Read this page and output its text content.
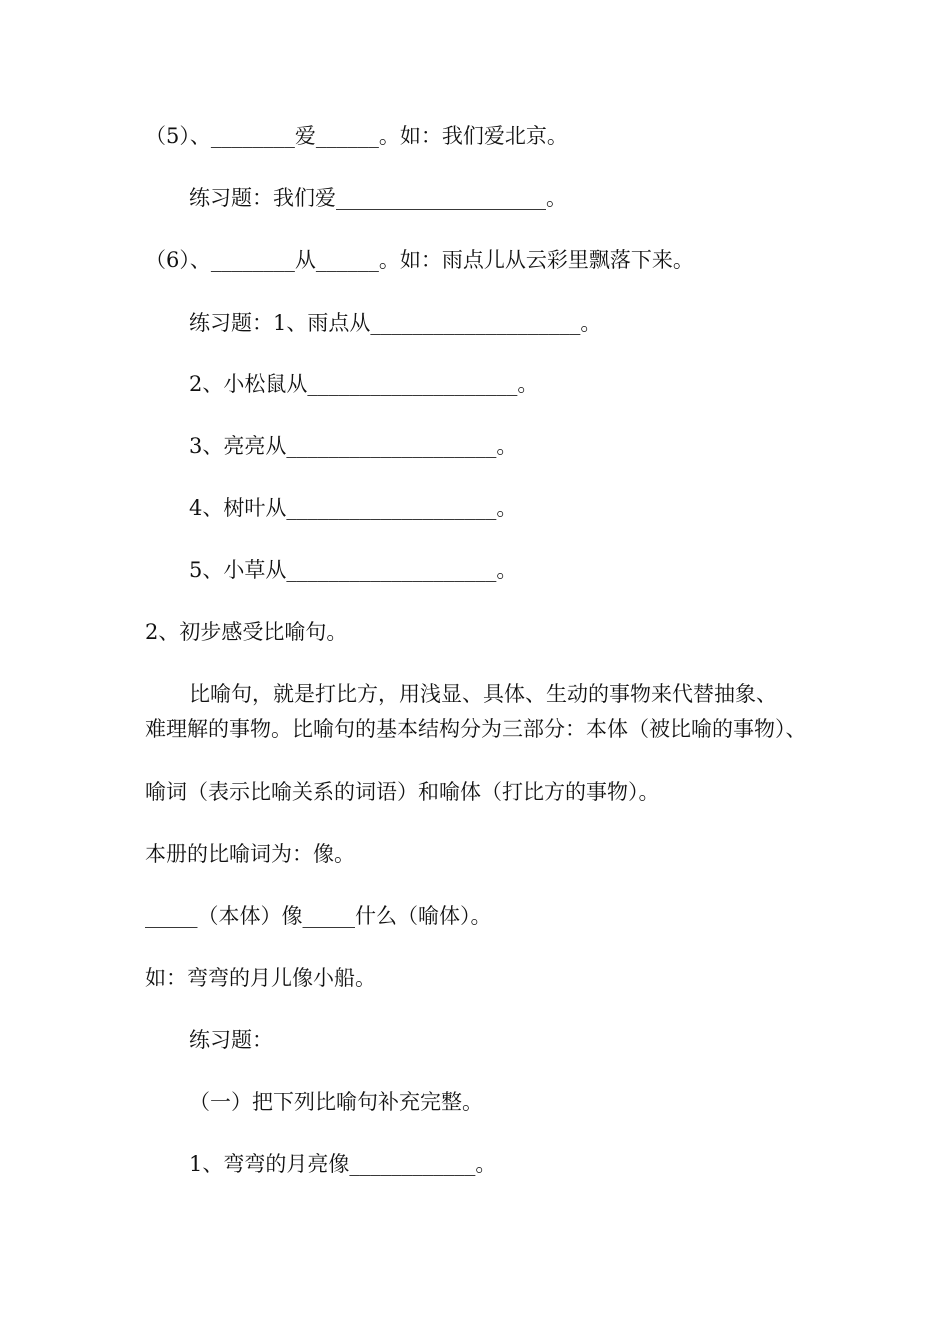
（5）、________爱______。如：我们爱北京。
练习题：我们爱____________________。
（6）、________从______。如：雨点儿从云彩里飘落下来。
练习题：1、雨点从____________________。
2、小松鼠从____________________。
3、亮亮从____________________。
4、树叶从____________________。
5、小草从____________________。
2、初步感受比喻句。
比喻句，就是打比方，用浅显、具体、生动的事物来代替抽象、
难理解的事物。比喻句的基本结构分为三部分：本体（被比喻的事物）、
喻词（表示比喻关系的词语）和喻体（打比方的事物）。
本册的比喻词为：像。
_____（本体）像_____什么（喻体）。
如：弯弯的月儿像小船。
练习题：
（一）把下列比喻句补充完整。
1、弯弯的月亮像____________。
